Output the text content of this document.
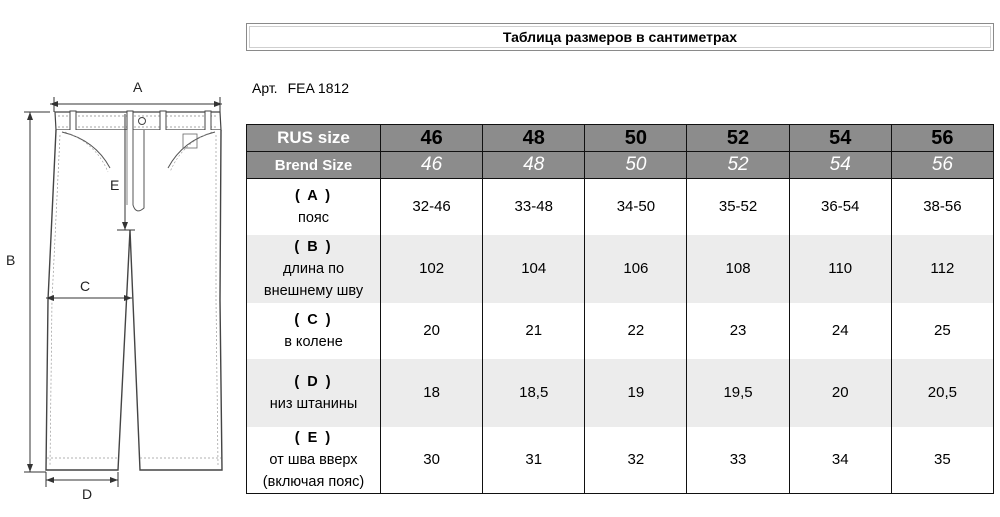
A
E
B
C
D
Таблица размеров в сантиметрах
Арт. FEA 1812
RUS size	46	48	50	52	54	56
Brend Size	46	48	50	52	54	56

( A )
пояс	32-46	33-48	34-50	35-52	36-54	38-56

( B )
длина по внешнему шву	102	104	106	108	110	112

( C )
в колене	20	21	22	23	24	25

( D )
низ штанины	18	18,5	19	19,5	20	20,5

( E )
от шва вверх (включая пояс)	30	31	32	33	34	35
